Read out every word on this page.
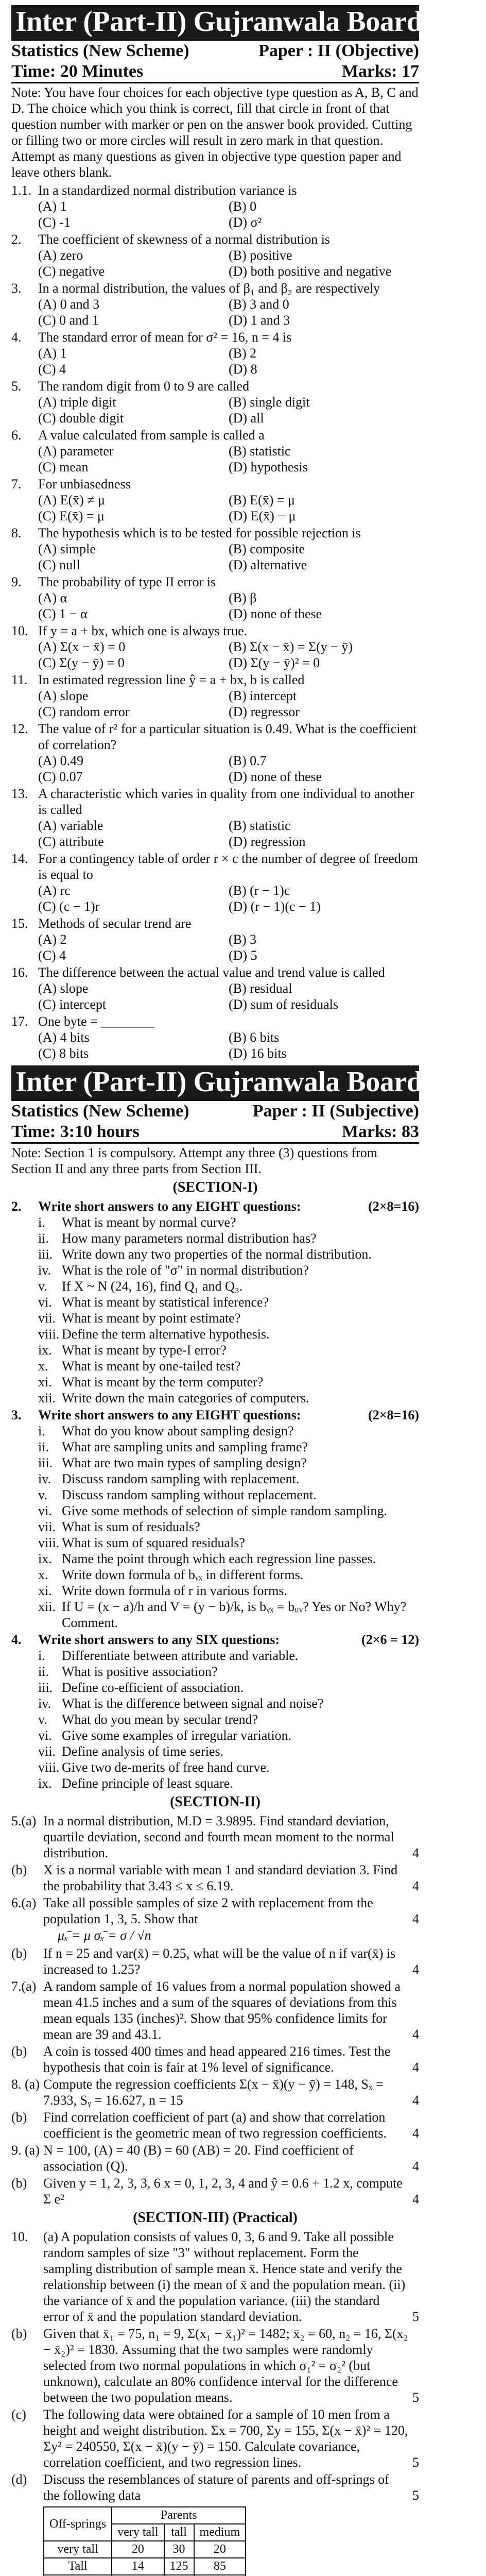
Inter (Part-II) Gujranwala Board 2014
Statistics (New Scheme)	Paper : II (Objective)
Time: 20 Minutes	Marks: 17
Note: You have four choices for each objective type question as A, B, C and D. The choice which you think is correct, fill that circle in front of that question number with marker or pen on the answer book provided. Cutting or filling two or more circles will result in zero mark in that question. Attempt as many questions as given in objective type question paper and leave others blank.
1.1. In a standardized normal distribution variance is
(A) 1	(B) 0
(C) -1	(D) σ²
2.	The coefficient of skewness of a normal distribution is
(A) zero	(B) positive
(C) negative	(D) both positive and negative
3.	In a normal distribution, the values of β₁ and β₂ are respectively
(A) 0 and 3	(B) 3 and 0
(C) 0 and 1	(D) 1 and 3
4.	The standard error of mean for σ² = 16, n = 4 is
(A) 1	(B) 2
(C) 4	(D) 8
5.	The random digit from 0 to 9 are called
(A) triple digit	(B) single digit
(C) double digit	(D) all
6.	A value calculated from sample is called a
(A) parameter	(B) statistic
(C) mean	(D) hypothesis
7.	For unbiasedness
(A) E(x̄) ≠ μ	(B) E(x̄) = μ
(C) E(x̄) = μ	(D) E(x̄) − μ
8.	The hypothesis which is to be tested for possible rejection is
(A) simple	(B) composite
(C) null	(D) alternative
9.	The probability of type II error is
(A) α	(B) β
(C) 1 − α	(D) none of these
10. If y = a + bx, which one is always true.
(A) Σ(x − x̄) = 0	(B) Σ(x − x̄) = Σ(y − ȳ)
(C) Σ(y − ȳ) = 0	(D) Σ(y − ȳ)² = 0
11. In estimated regression line ŷ = a + bx, b is called
(A) slope	(B) intercept
(C) random error	(D) regressor
12. The value of r² for a particular situation is 0.49. What is the coefficient of correlation?
(A) 0.49	(B) 0.7
(C) 0.07	(D) none of these
13. A characteristic which varies in quality from one individual to another is called
(A) variable	(B) statistic
(C) attribute	(D) regression
14. For a contingency table of order r × c the number of degree of freedom is equal to
(A) rc	(B) (r − 1)c
(C) (c − 1)r	(D) (r − 1)(c − 1)
15. Methods of secular trend are
(A) 2	(B) 3
(C) 4	(D) 5
16. The difference between the actual value and trend value is called
(A) slope	(B) residual
(C) intercept	(D) sum of residuals
17. One byte = ________
(A) 4 bits	(B) 6 bits
(C) 8 bits	(D) 16 bits
Inter (Part-II) Gujranwala Board 2014
Statistics (New Scheme)	Paper : II (Subjective)
Time: 3:10 hours	Marks: 83
Note: Section 1 is compulsory. Attempt any three (3) questions from Section II and any three parts from Section III.
(SECTION-I)
2.	Write short answers to any EIGHT questions:	(2×8=16)
i.	What is meant by normal curve?
ii. How many parameters normal distribution has?
iii. Write down any two properties of the normal distribution.
iv. What is the role of "σ" in normal distribution?
v.	If X ~ N (24, 16), find Q₁ and Q₃.
vi. What is meant by statistical inference?
vii. What is meant by point estimate?
viii. Define the term alternative hypothesis.
ix. What is meant by type-I error?
x.	What is meant by one-tailed test?
xi. What is meant by the term computer?
xii. Write down the main categories of computers.
3.	Write short answers to any EIGHT questions:	(2×8=16)
i.	What do you know about sampling design?
ii. What are sampling units and sampling frame?
iii. What are two main types of sampling design?
iv. Discuss random sampling with replacement.
v.	Discuss random sampling without replacement.
vi. Give some methods of selection of simple random sampling.
vii. What is sum of residuals?
viii. What is sum of squared residuals?
ix. Name the point through which each regression line passes.
x.	Write down formula of bᵧₓ in different forms.
xi. Write down formula of r in various forms.
xii. If U = (x − a)/h and V = (y − b)/k, is bᵧₓ = bᵤᵥ? Yes or No? Why? Comment.
4.	Write short answers to any SIX questions:	(2×6 = 12)
i.	Differentiate between attribute and variable.
ii. What is positive association?
iii. Define co-efficient of association.
iv. What is the difference between signal and noise?
v.	What do you mean by secular trend?
vi. Give some examples of irregular variation.
vii. Define analysis of time series.
viii. Give two de-merits of free hand curve.
ix. Define principle of least square.
(SECTION-II)
5.(a) In a normal distribution, M.D = 3.9895. Find standard deviation, quartile deviation, second and fourth mean moment to the normal distribution.	4
(b)	X is a normal variable with mean 1 and standard deviation 3. Find the probability that 3.43 ≤ x ≤ 6.19.	4
6.(a) Take all possible samples of size 2 with replacement from the population 1, 3, 5. Show that	4
μₓ̄ = μ σₓ̄ = σ / √n
(b)	If n = 25 and var(x̄) = 0.25, what will be the value of n if var(x̄) is increased to 1.25?	4
7.(a) A random sample of 16 values from a normal population showed a mean 41.5 inches and a sum of the squares of deviations from this mean equals 135 (inches)². Show that 95% confidence limits for mean are 39 and 43.1.	4
(b)	A coin is tossed 400 times and head appeared 216 times. Test the hypothesis that coin is fair at 1% level of significance.	4
8. (a) Compute the regression coefficients Σ(x − x̄)(y − ȳ) = 148, Sₓ = 7.933, Sᵧ = 16.627, n = 15	4
(b)	Find correlation coefficient of part (a) and show that correlation coefficient is the geometric mean of two regression coefficients.	4
9. (a) N = 100, (A) = 40 (B) = 60 (AB) = 20. Find coefficient of association (Q).	4
(b)	Given y = 1, 2, 3, 3, 6 x = 0, 1, 2, 3, 4 and ŷ = 0.6 + 1.2 x, compute Σ e²	4
(SECTION-III) (Practical)
10.	(a) A population consists of values 0, 3, 6 and 9. Take all possible random samples of size "3" without replacement. Form the sampling distribution of sample mean x̄. Hence state and verify the relationship between (i) the mean of x̄ and the population mean. (ii) the variance of x̄ and the population variance. (iii) the standard error of x̄ and the population standard deviation.	5
(b)	Given that x̄₁ = 75, n₁ = 9, Σ(x₁ − x̄₁)² = 1482; x̄₂ = 60, n₂ = 16, Σ(x₂ − x̄₂)² = 1830. Assuming that the two samples were randomly selected from two normal populations in which σ₁² = σ₂² (but unknown), calculate an 80% confidence interval for the difference between the two population means.	5
(c)	The following data were obtained for a sample of 10 men from a height and weight distribution. Σx = 700, Σy = 155, Σ(x − x̄)² = 120, Σy² = 240550, Σ(x − x̄)(y − ȳ) = 150. Calculate covariance, correlation coefficient, and two regression lines.	5
(d)	Discuss the resemblances of stature of parents and off-springs of the following data	5
Off-springs	Parents		
	very tall	tall	medium
very tall	20	30	20
Tall	14	125	85
